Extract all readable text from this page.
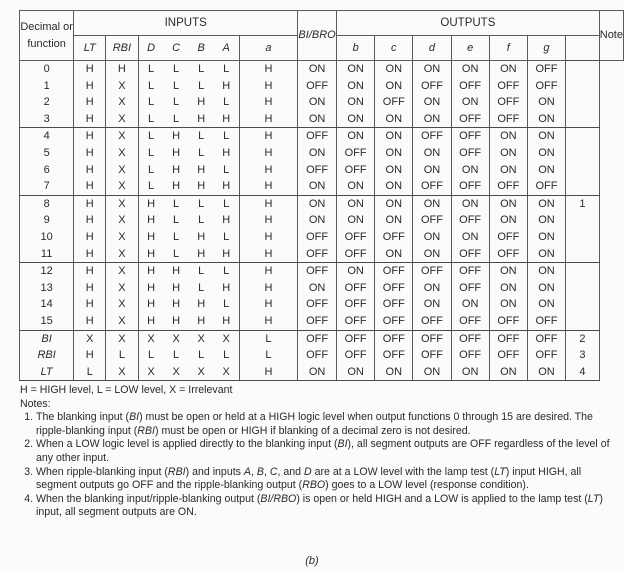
Decimal or function	INPUTS				BI/BRO	OUTPUTS							Note
	LT	RBI	D C B A	a		b	c	d	e	f	g		
0	H	H	L L L L	H	ON	ON	ON	ON	ON	ON	OFF		
1	H	X	L L L H	H	OFF	ON	ON	OFF	OFF	OFF	OFF		
2	H	X	L L H L	H	ON	ON	OFF	ON	ON	OFF	ON		
3	H	X	L L H H	H	ON	ON	ON	ON	OFF	OFF	ON		
4	H	X	L H L L	H	OFF	ON	ON	OFF	OFF	ON	ON		
5	H	X	L H L H	H	ON	OFF	ON	ON	OFF	ON	ON		
6	H	X	L H H L	H	OFF	OFF	ON	ON	ON	ON	ON		
7	H	X	L H H H	H	ON	ON	ON	OFF	OFF	OFF	OFF		
8	H	X	H L L L	H	ON	ON	ON	ON	ON	ON	ON	1	
9	H	X	H L L H	H	ON	ON	ON	OFF	OFF	ON	ON		
10	H	X	H L H L	H	OFF	OFF	OFF	ON	ON	OFF	ON		
11	H	X	H L H H	H	OFF	OFF	ON	ON	OFF	OFF	ON		
12	H	X	H H L L	H	OFF	ON	OFF	OFF	OFF	ON	ON		
13	H	X	H H L H	H	ON	OFF	OFF	ON	OFF	ON	ON		
14	H	X	H H H L	H	OFF	OFF	OFF	ON	ON	ON	ON		
15	H	X	H H H H	H	OFF	OFF	OFF	OFF	OFF	OFF	OFF		
BI	X	X	X X X X	L	OFF	OFF	OFF	OFF	OFF	OFF	OFF	2	
RBI	H	L	L L L L	L	OFF	OFF	OFF	OFF	OFF	OFF	OFF	3	
LT	L	X	X X X X	H	ON	ON	ON	ON	ON	ON	ON	4	

H = HIGH level, L = LOW level, X = Irrelevant

Notes:

1. The blanking input (BI) must be open or held at a HIGH logic level when output functions 0 through 15 are desired. The ripple-blanking input (RBI) must be open or HIGH if blanking of a decimal zero is not desired.
2. When a LOW logic level is applied directly to the blanking input (BI), all segment outputs are OFF regardless of the level of any other input.
3. When ripple-blanking input (RBI) and inputs A, B, C, and D are at a LOW level with the lamp test (LT) input HIGH, all segment outputs go OFF and the ripple-blanking output (RBO) goes to a LOW level (response condition).
4. When the blanking input/ripple-blanking output (BI/RBO) is open or held HIGH and a LOW is applied to the lamp test (LT) input, all segment outputs are ON.
(b)
